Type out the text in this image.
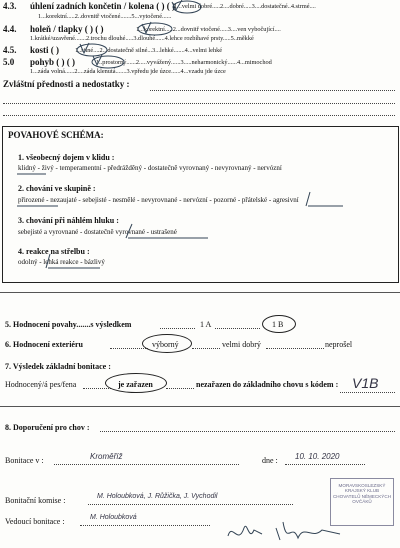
4.3. úhlení zadních končetin / kolena ( ) ( )
1...velmi dobré.....2....dobré.....3....dostatečné..4.strmé....
1...korektní.....2..dovnitř vtočené.......5...vytočené......
4.4. holeň / tlapky ( ) ( )	1...korektní.....2...dovnitř vtočené.....3....ven vybočující....
1.krátké/uzavřené.......2.trochu dlouhé.....3.dlouhé......4.lehce rozbíhavé prsty.....5..měkké
4.5. kosti ( )	1..silné....2...dostatečně silné...3...lehké.......4...velmi lehké
5.0 pohyb ( ) ( )	1..prostorný......2.....vyvážený......3.....neharmonický......4...mimochod
1...záda volná......2....záda klenutá.......3.vpředu jde úzce......4...vzadu jde úzce
Zvláštní přednosti a nedostatky :
POVAHOVÉ SCHÉMA:
1. všeobecný dojem v klidu :
klidný - živý - temperamentní - předrážděný - dostatečně vyrovnaný - nevyrovnaný - nervózní
2. chování ve skupině :
přirozené - nezaujaté - sebejisté - nesmělé - nevyrovnané - nervózní - pozorné - přátelské - agresivní
3. chování při náhlém hluku :
sebejisté a vyrovnané - dostatečně vyrovnané - ustrašené
4. reakce na střelbu :
odolný - lehká reakce - bázlivý
5. Hodnocení povahy.......s výsledkem	1 A	1 B
6. Hodnocení exteriéru	výborný	velmi dobrý	neprošel
7. Výsledek základní bonitace :
Hodnocený/á pes/fena	je zařazen	nezařazen do základního chovu s kódem : V1B
8. Doporučení pro chov :
Bonitace v :	Kroměříž	dne : 10. 10. 2020
Bonitační komise :	M. Holoubková, J. Růžička, J. Vychodil
Vedoucí bonitace :	M. Holoubková
MORAVSKOSLEZSKÝ KRAJSKÝ KLUB CHOVATELŮ NĚMECKÝCH OVČÁKŮ
